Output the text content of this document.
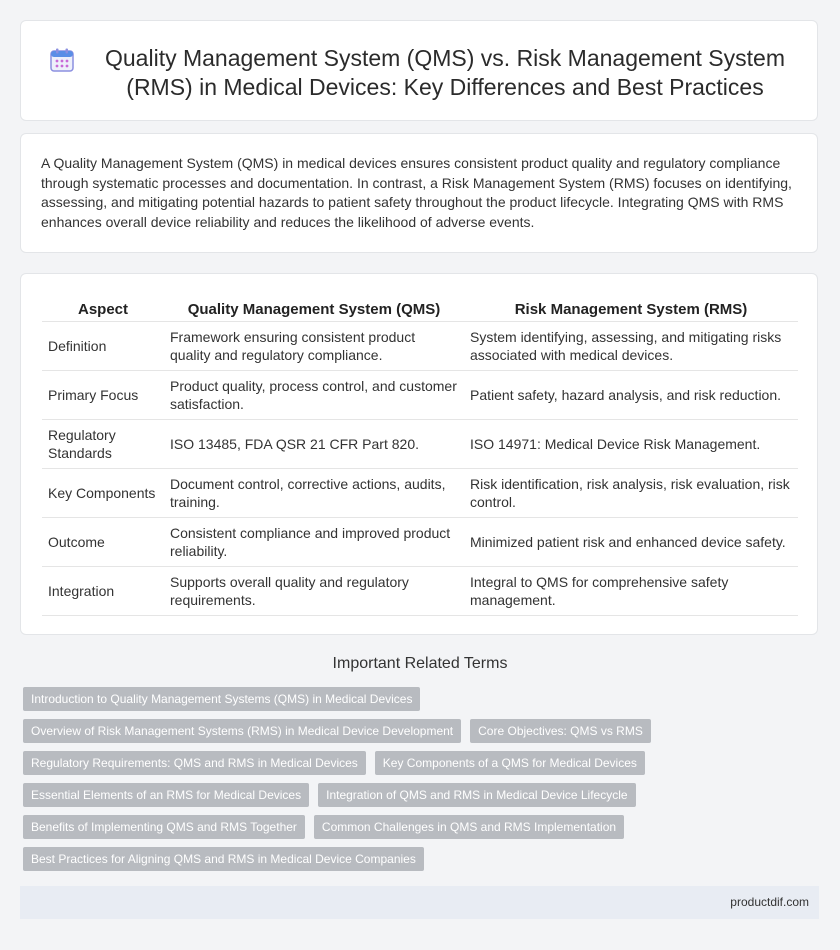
Quality Management System (QMS) vs. Risk Management System (RMS) in Medical Devices: Key Differences and Best Practices

A Quality Management System (QMS) in medical devices ensures consistent product quality and regulatory compliance through systematic processes and documentation. In contrast, a Risk Management System (RMS) focuses on identifying, assessing, and mitigating potential hazards to patient safety throughout the product lifecycle. Integrating QMS with RMS enhances overall device reliability and reduces the likelihood of adverse events.

Aspect	Quality Management System (QMS)	Risk Management System (RMS)
Definition	Framework ensuring consistent product quality and regulatory compliance.	System identifying, assessing, and mitigating risks associated with medical devices.
Primary Focus	Product quality, process control, and customer satisfaction.	Patient safety, hazard analysis, and risk reduction.
Regulatory Standards	ISO 13485, FDA QSR 21 CFR Part 820.	ISO 14971: Medical Device Risk Management.
Key Components	Document control, corrective actions, audits, training.	Risk identification, risk analysis, risk evaluation, risk control.
Outcome	Consistent compliance and improved product reliability.	Minimized patient risk and enhanced device safety.
Integration	Supports overall quality and regulatory requirements.	Integral to QMS for comprehensive safety management.
Important Related Terms
Introduction to Quality Management Systems (QMS) in Medical Devices
Overview of Risk Management Systems (RMS) in Medical Device Development	Core Objectives: QMS vs RMS
Regulatory Requirements: QMS and RMS in Medical Devices	Key Components of a QMS for Medical Devices
Essential Elements of an RMS for Medical Devices	Integration of QMS and RMS in Medical Device Lifecycle
Benefits of Implementing QMS and RMS Together	Common Challenges in QMS and RMS Implementation
Best Practices for Aligning QMS and RMS in Medical Device Companies
productdif.com
